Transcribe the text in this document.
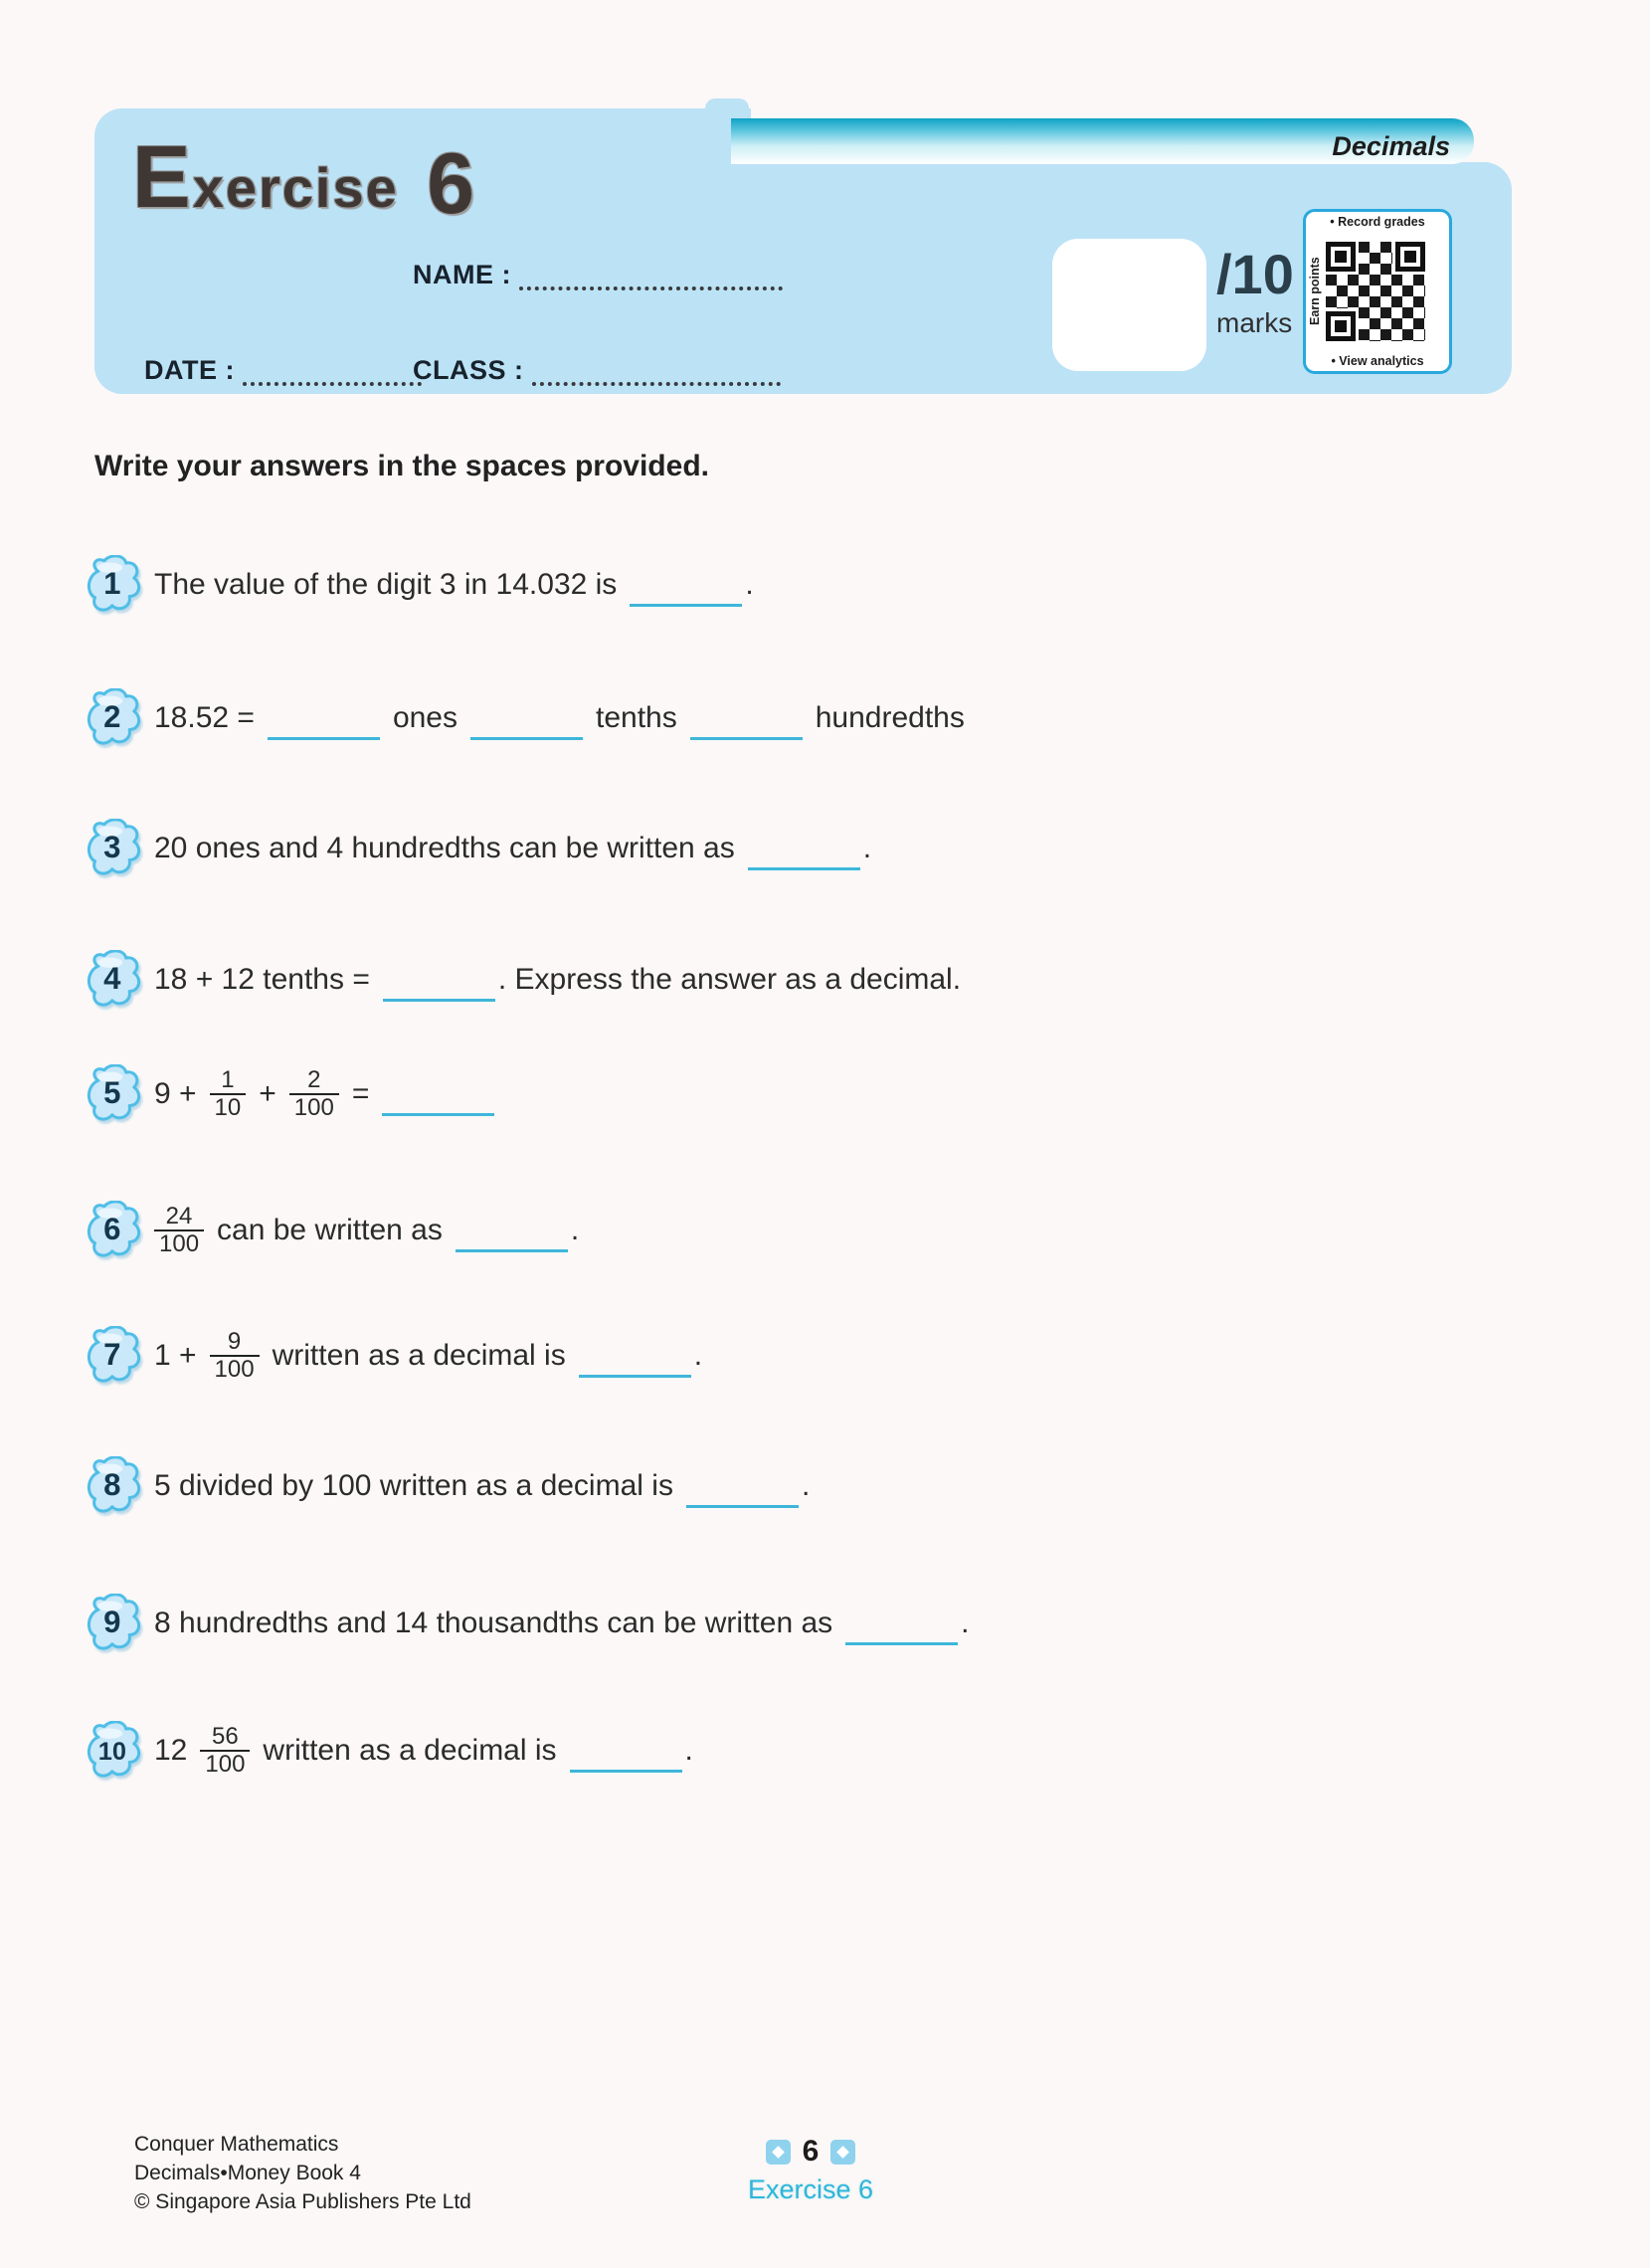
Decimals
Exercise 6
NAME :
DATE :	CLASS :
/10
marks
• Record grades
Earn points
• View analytics
Write your answers in the spaces provided.
1 The value of the digit 3 in 14.032 is	.
2 18.52 =	ones	tenths	hundredths
3 20 ones and 4 hundredths can be written as	.
4 18 + 12 tenths =	. Express the answer as a decimal.
5 $9 + \frac{1}{10} + \frac{2}{100}$ =
$6 \frac{24}{100}$ can be written as	.
7 $1 + \frac{9}{100}$ written as a decimal is	.
8 5 divided by 100 written as a decimal is	.
9 8 hundredths and 14 thousandths can be written as	.
10 $12 \frac{56}{100}$ written as a decimal is	.
Conquer Mathematics
Decimals•Money Book 4
© Singapore Asia Publishers Pte Ltd
6
Exercise 6
